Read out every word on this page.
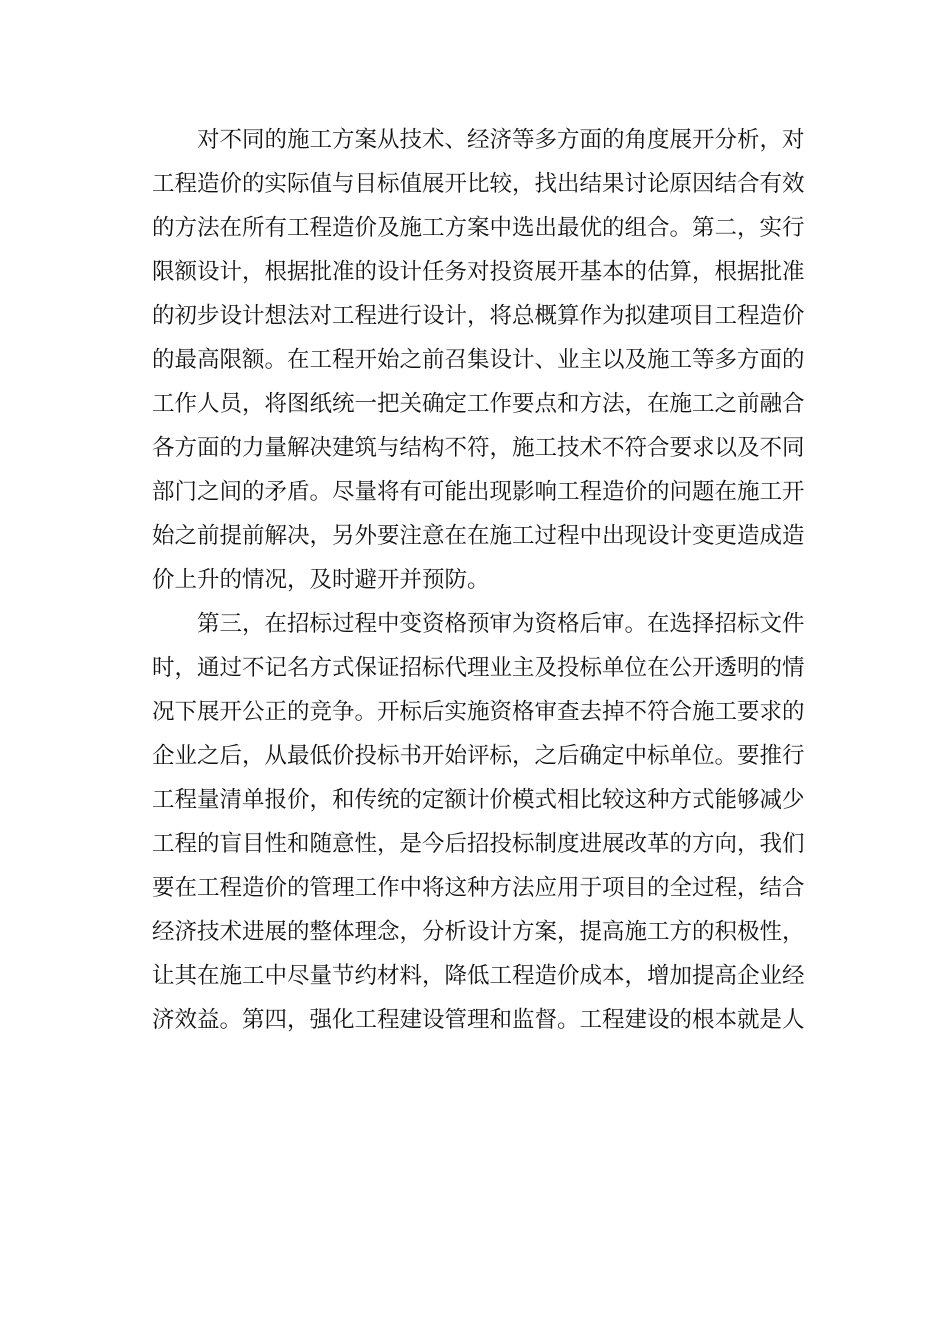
对不同的施工方案从技术、经济等多方面的角度展开分析，对
工程造价的实际值与目标值展开比较，找出结果讨论原因结合有效
的方法在所有工程造价及施工方案中选出最优的组合。第二，实行
限额设计，根据批准的设计任务对投资展开基本的估算，根据批准
的初步设计想法对工程进行设计，将总概算作为拟建项目工程造价
的最高限额。在工程开始之前召集设计、业主以及施工等多方面的
工作人员，将图纸统一把关确定工作要点和方法，在施工之前融合
各方面的力量解决建筑与结构不符，施工技术不符合要求以及不同
部门之间的矛盾。尽量将有可能出现影响工程造价的问题在施工开
始之前提前解决，另外要注意在在施工过程中出现设计变更造成造
价上升的情况，及时避开并预防。
第三，在招标过程中变资格预审为资格后审。在选择招标文件
时，通过不记名方式保证招标代理业主及投标单位在公开透明的情
况下展开公正的竞争。开标后实施资格审查去掉不符合施工要求的
企业之后，从最低价投标书开始评标，之后确定中标单位。要推行
工程量清单报价，和传统的定额计价模式相比较这种方式能够减少
工程的盲目性和随意性，是今后招投标制度进展改革的方向，我们
要在工程造价的管理工作中将这种方法应用于项目的全过程，结合
经济技术进展的整体理念，分析设计方案，提高施工方的积极性，
让其在施工中尽量节约材料，降低工程造价成本，增加提高企业经
济效益。第四，强化工程建设管理和监督。工程建设的根本就是人
